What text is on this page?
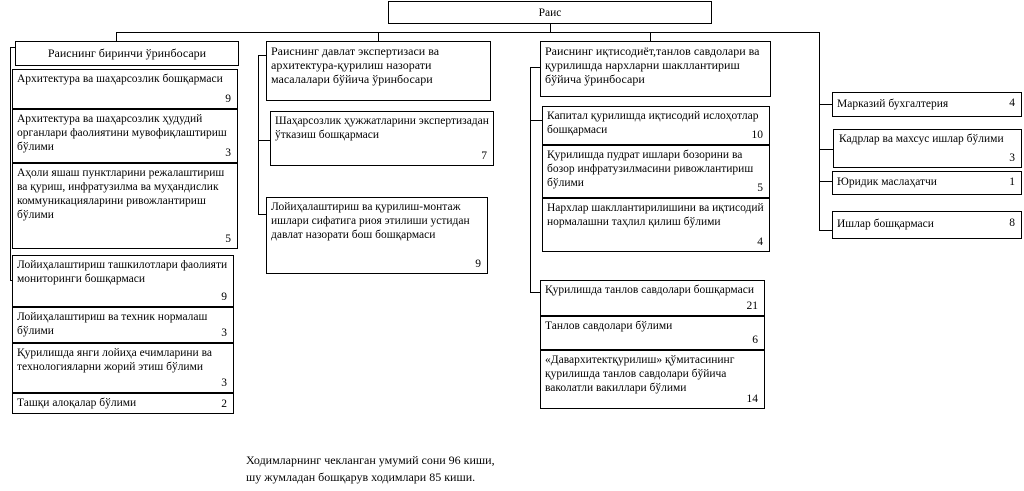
Раис
Раиснинг биринчи ўринбосари
Архитектура ва шаҳарсозлик бошқармаси
9
Архитектура ва шаҳарсозлик ҳудудий органлари фаолиятини мувофиқлаштириш бўлими	3
Аҳоли яшаш пунктларини режалаштириш ва қуриш, инфратузилма ва муҳандислик коммуникацияларини ривожлантириш бўлими
5
Лойиҳалаштириш ташкилотлари фаолияти мониторинги бошқармаси
9
Лойиҳалаштириш ва техник нормалаш бўлими	3
Қурилишда янги лойиҳа ечимларини ва технологияларни жорий этиш бўлими
3
Ташқи алоқалар бўлими	2
Раиснинг давлат экспертизаси ва архитектура-қурилиш назорати масалалари бўйича ўринбосари
Шаҳарсозлик ҳужжатларини экспертизадан ўтказиш бошқармаси
7
Лойиҳалаштириш ва қурилиш-монтаж ишлари сифатига риоя этилиши устидан давлат назорати бош бошқармаси
9
Раиснинг иқтисодиёт,танлов савдолари ва қурилишда нархларни шакллантириш бўйича ўринбосари
Капитал қурилишда иқтисодий ислоҳотлар бошқармаси	10
Қурилишда пудрат ишлари бозорини ва бозор инфратузилмасини ривожлантириш бўлими	5
Нархлар шакллантирилишини ва иқтисодий нормалашни таҳлил қилиш бўлими
4
Қурилишда танлов савдолари бошқармаси
21
Танлов савдолари бўлими
6
«Давархитектқурилиш» қўмитасининг қурилишда танлов савдолари бўйича ваколатли вакиллари бўлими
14
Марказий бухгалтерия	4
Кадрлар ва махсус ишлар бўлими
3
Юридик маслаҳатчи	1
Ишлар бошқармаси	8
Ходимларнинг чекланган умумий сони 96 киши,
шу жумладан бошқарув ходимлари 85 киши.
